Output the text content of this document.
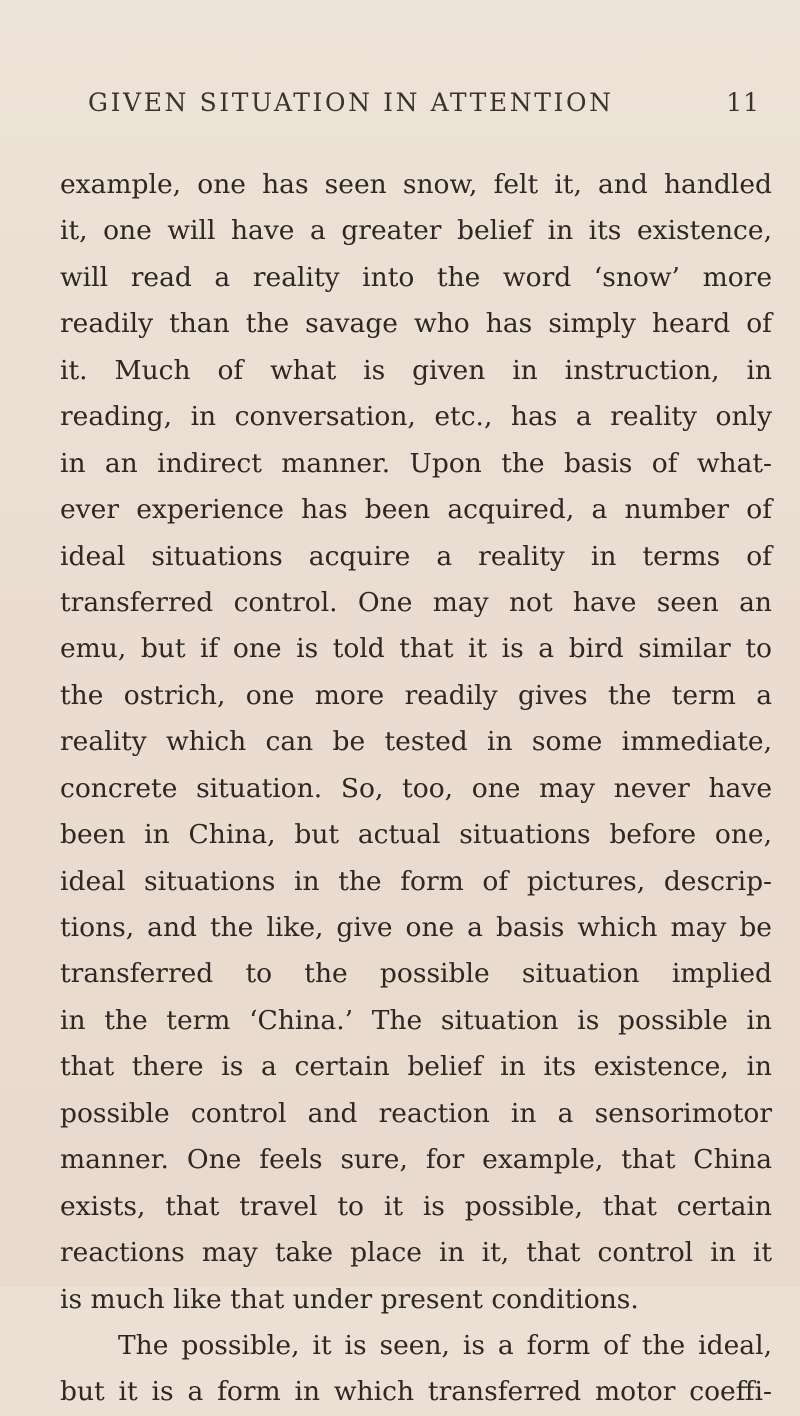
GIVEN SITUATION IN ATTENTION	11
example, one has seen snow, felt it, and handled
it, one will have a greater belief in its existence,
will read a reality into the word ‘snow’ more
readily than the savage who has simply heard of
it. Much of what is given in instruction, in
reading, in conversation, etc., has a reality only
in an indirect manner. Upon the basis of what-
ever experience has been acquired, a number of
ideal situations acquire a reality in terms of
transferred control. One may not have seen an
emu, but if one is told that it is a bird similar to
the ostrich, one more readily gives the term a
reality which can be tested in some immediate,
concrete situation. So, too, one may never have
been in China, but actual situations before one,
ideal situations in the form of pictures, descrip-
tions, and the like, give one a basis which may be
transferred to the possible situation implied
in the term ‘China.’ The situation is possible in
that there is a certain belief in its existence, in
possible control and reaction in a sensorimotor
manner. One feels sure, for example, that China
exists, that travel to it is possible, that certain
reactions may take place in it, that control in it
is much like that under present conditions.
The possible, it is seen, is a form of the ideal,
but it is a form in which transferred motor coeffi-
